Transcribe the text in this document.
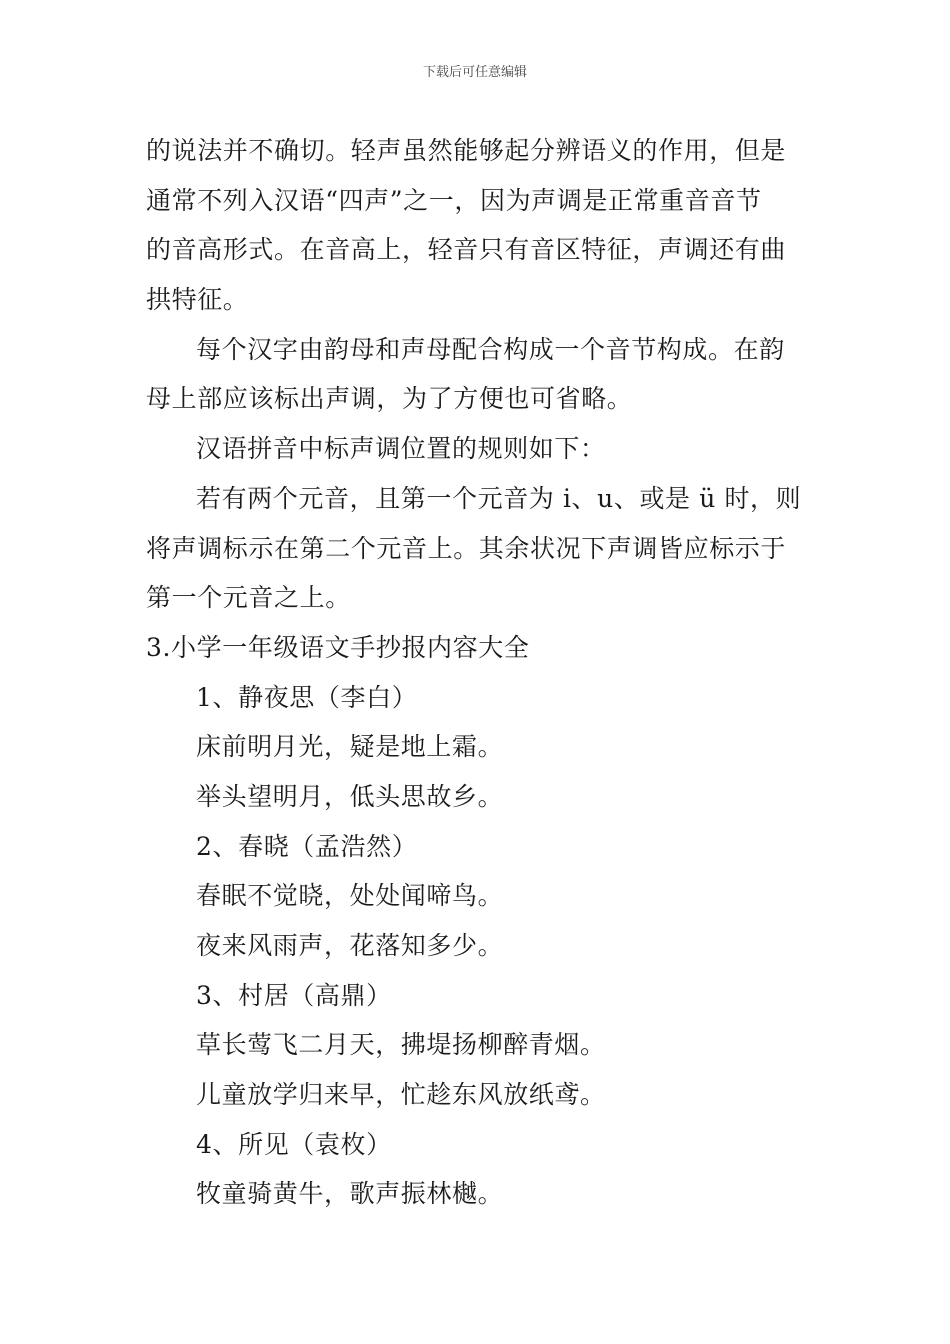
下载后可任意编辑
的说法并不确切。轻声虽然能够起分辨语义的作用，但是
通常不列入汉语“四声”之一，因为声调是正常重音音节
的音高形式。在音高上，轻音只有音区特征，声调还有曲
拱特征。
每个汉字由韵母和声母配合构成一个音节构成。在韵
母上部应该标出声调，为了方便也可省略。
汉语拼音中标声调位置的规则如下：
若有两个元音，且第一个元音为 i、u、或是 ü 时，则
将声调标示在第二个元音上。其余状况下声调皆应标示于
第一个元音之上。
3.小学一年级语文手抄报内容大全
1、静夜思（李白）
床前明月光，疑是地上霜。
举头望明月，低头思故乡。
2、春晓（孟浩然）
春眠不觉晓，处处闻啼鸟。
夜来风雨声，花落知多少。
3、村居（高鼎）
草长莺飞二月天，拂堤扬柳醉青烟。
儿童放学归来早，忙趁东风放纸鸢。
4、所见（袁枚）
牧童骑黄牛，歌声振林樾。
